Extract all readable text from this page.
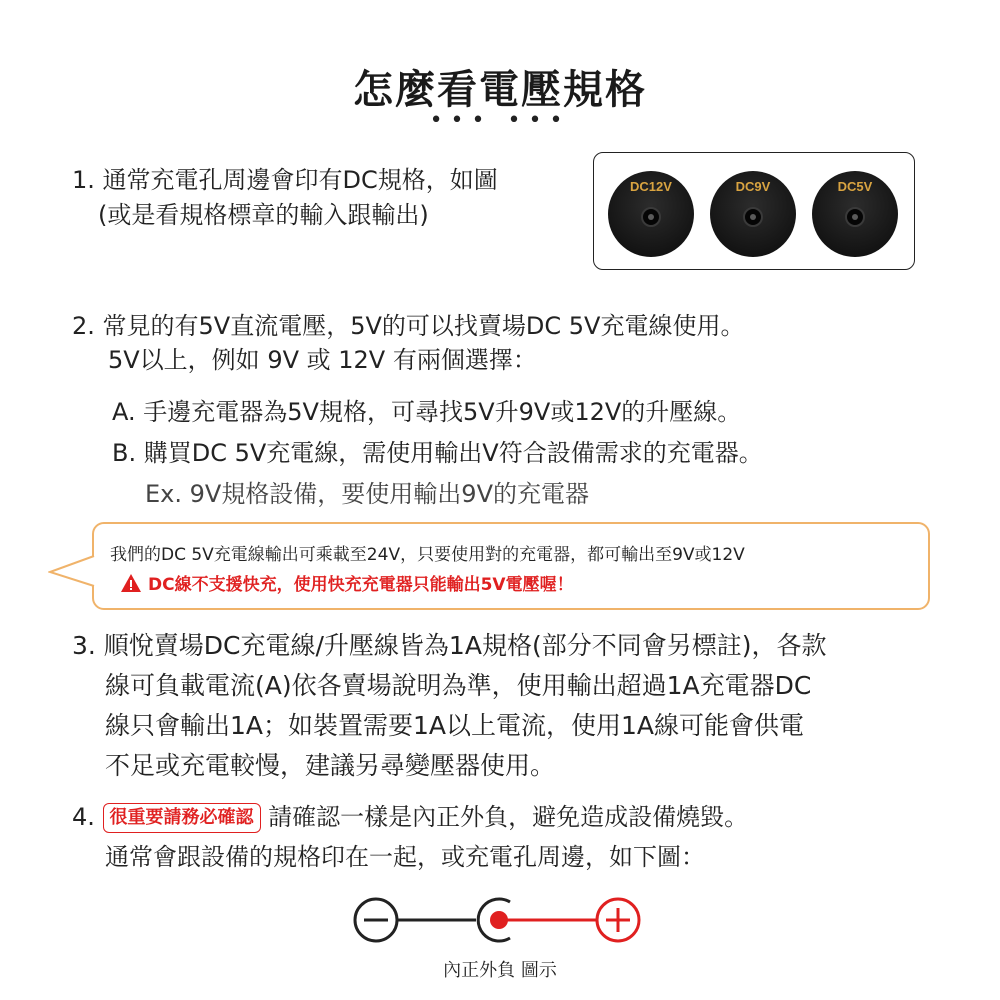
怎麼看電壓規格
••• •••
1. 通常充電孔周邊會印有DC規格，如圖
(或是看規格標章的輸入跟輸出)
DC12V	DC9V	DC5V
2. 常見的有5V直流電壓，5V的可以找賣場DC 5V充電線使用。
5V以上，例如 9V 或 12V 有兩個選擇：
A. 手邊充電器為5V規格，可尋找5V升9V或12V的升壓線。
B. 購買DC 5V充電線，需使用輸出V符合設備需求的充電器。
Ex. 9V規格設備，要使用輸出9V的充電器
我們的DC 5V充電線輸出可乘載至24V，只要使用對的充電器，都可輸出至9V或12V
DC線不支援快充，使用快充充電器只能輸出5V電壓喔！
3. 順悅賣場DC充電線/升壓線皆為1A規格(部分不同會另標註)，各款
線可負載電流(A)依各賣場說明為準，使用輸出超過1A充電器DC
線只會輸出1A；如裝置需要1A以上電流，使用1A線可能會供電
不足或充電較慢，建議另尋變壓器使用。
4. 很重要請務必確認 請確認一樣是內正外負，避免造成設備燒毀。
通常會跟設備的規格印在一起，或充電孔周邊，如下圖：
內正外負 圖示
